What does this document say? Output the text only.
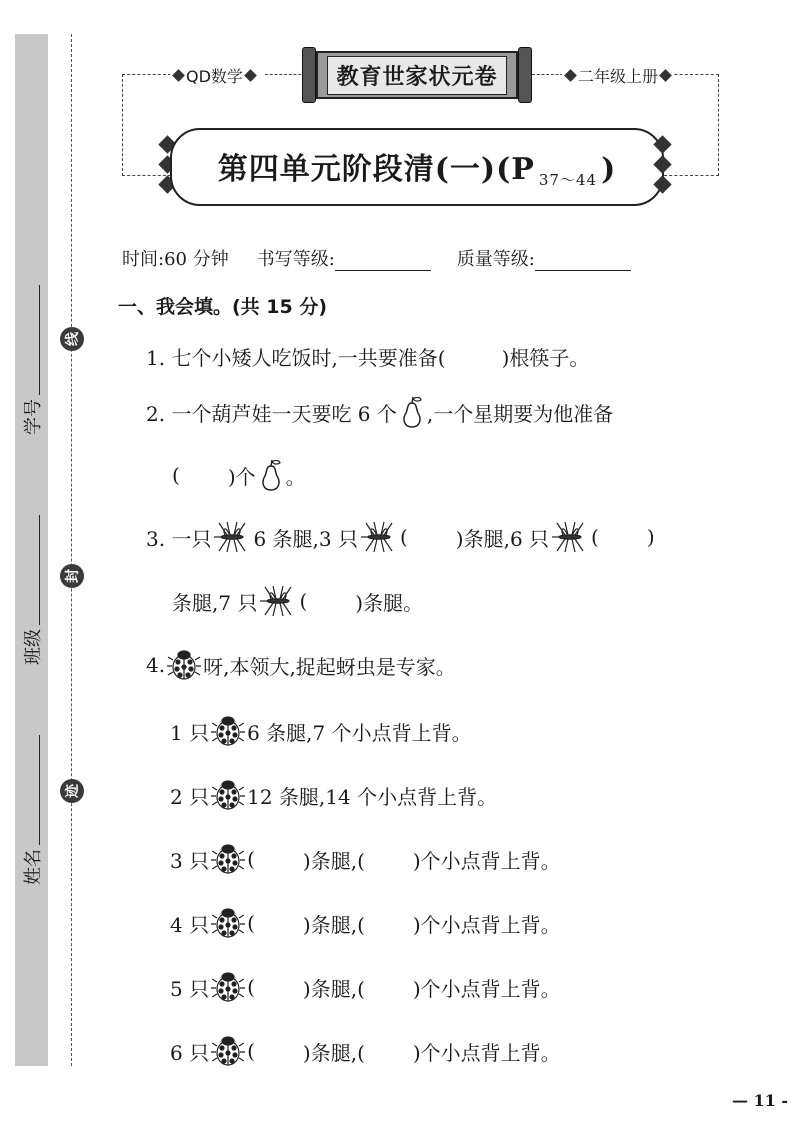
学号
班级
姓名
线
封
迹
QD数学	二年级上册
教育世家状元卷
第四单元阶段清(一)(P $_{37\sim 44}$ )
时间:60 分钟 书写等级:	质量等级:
一、我会填。(共 15 分)
1. 七个小矮人吃饭时,一共要准备(	)根筷子。
2. 一个葫芦娃一天要吃 6 个 ,一个星期要为他准备
( )个 。
3. 一只 6 条腿,3 只 ( )条腿,6 只 ( )
条腿,7 只 ( )条腿。
4. 呀,本领大,捉起蚜虫是专家。
1 只 6 条腿, 7 个小点背上背。
2 只 12 条腿, 14 个小点背上背。
3 只 ( )条腿,( )个小点背上背。
4 只 ( )条腿,( )个小点背上背。
5 只 ( )条腿,( )个小点背上背。
6 只 ( )条腿,( )个小点背上背。
— 11 -
